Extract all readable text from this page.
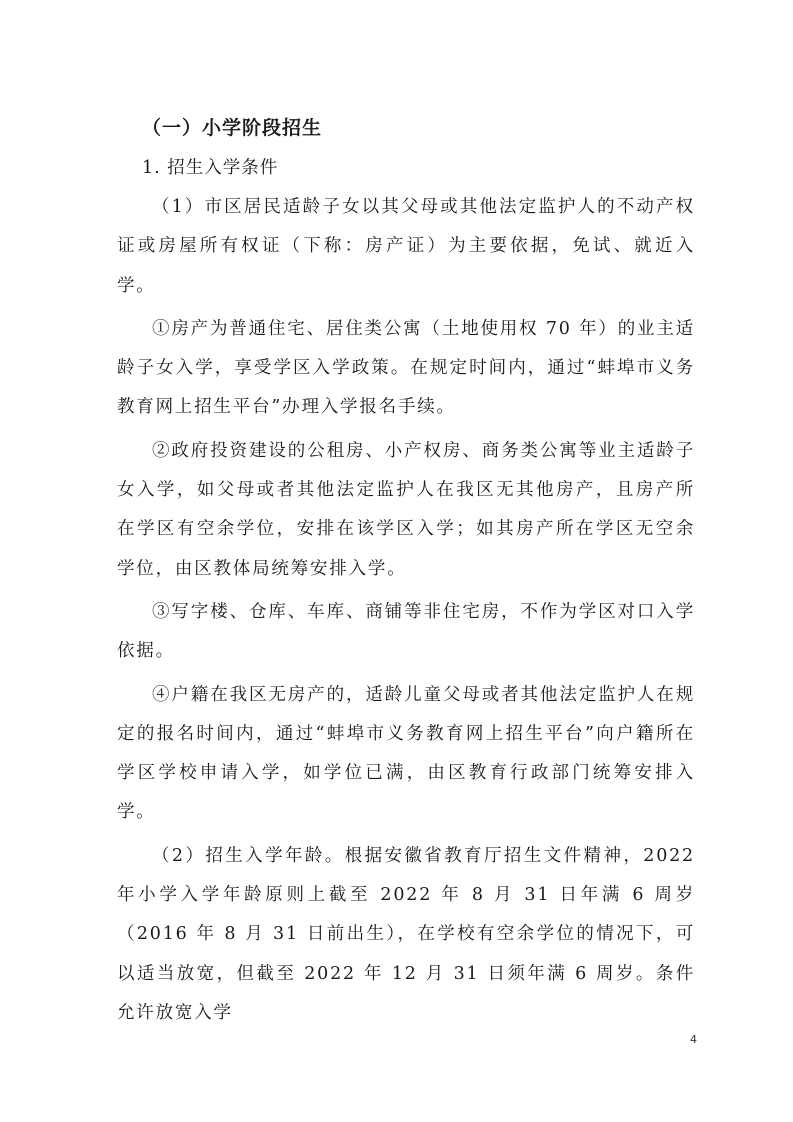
（一）小学阶段招生

1. 招生入学条件

（1）市区居民适龄子女以其父母或其他法定监护人的不动产权证或房屋所有权证（下称：房产证）为主要依据，免试、就近入学。

①房产为普通住宅、居住类公寓（土地使用权 70 年）的业主适龄子女入学，享受学区入学政策。在规定时间内，通过“蚌埠市义务教育网上招生平台”办理入学报名手续。

②政府投资建设的公租房、小产权房、商务类公寓等业主适龄子女入学，如父母或者其他法定监护人在我区无其他房产，且房产所在学区有空余学位，安排在该学区入学；如其房产所在学区无空余学位，由区教体局统筹安排入学。

③写字楼、仓库、车库、商铺等非住宅房，不作为学区对口入学依据。

④户籍在我区无房产的，适龄儿童父母或者其他法定监护人在规定的报名时间内，通过“蚌埠市义务教育网上招生平台”向户籍所在学区学校申请入学，如学位已满，由区教育行政部门统筹安排入学。

（2）招生入学年龄。根据安徽省教育厅招生文件精神，2022 年小学入学年龄原则上截至 2022 年 8 月 31 日年满 6 周岁（2016 年 8 月 31 日前出生），在学校有空余学位的情况下，可以适当放宽，但截至 2022 年 12 月 31 日须年满 6 周岁。条件允许放宽入学

4
